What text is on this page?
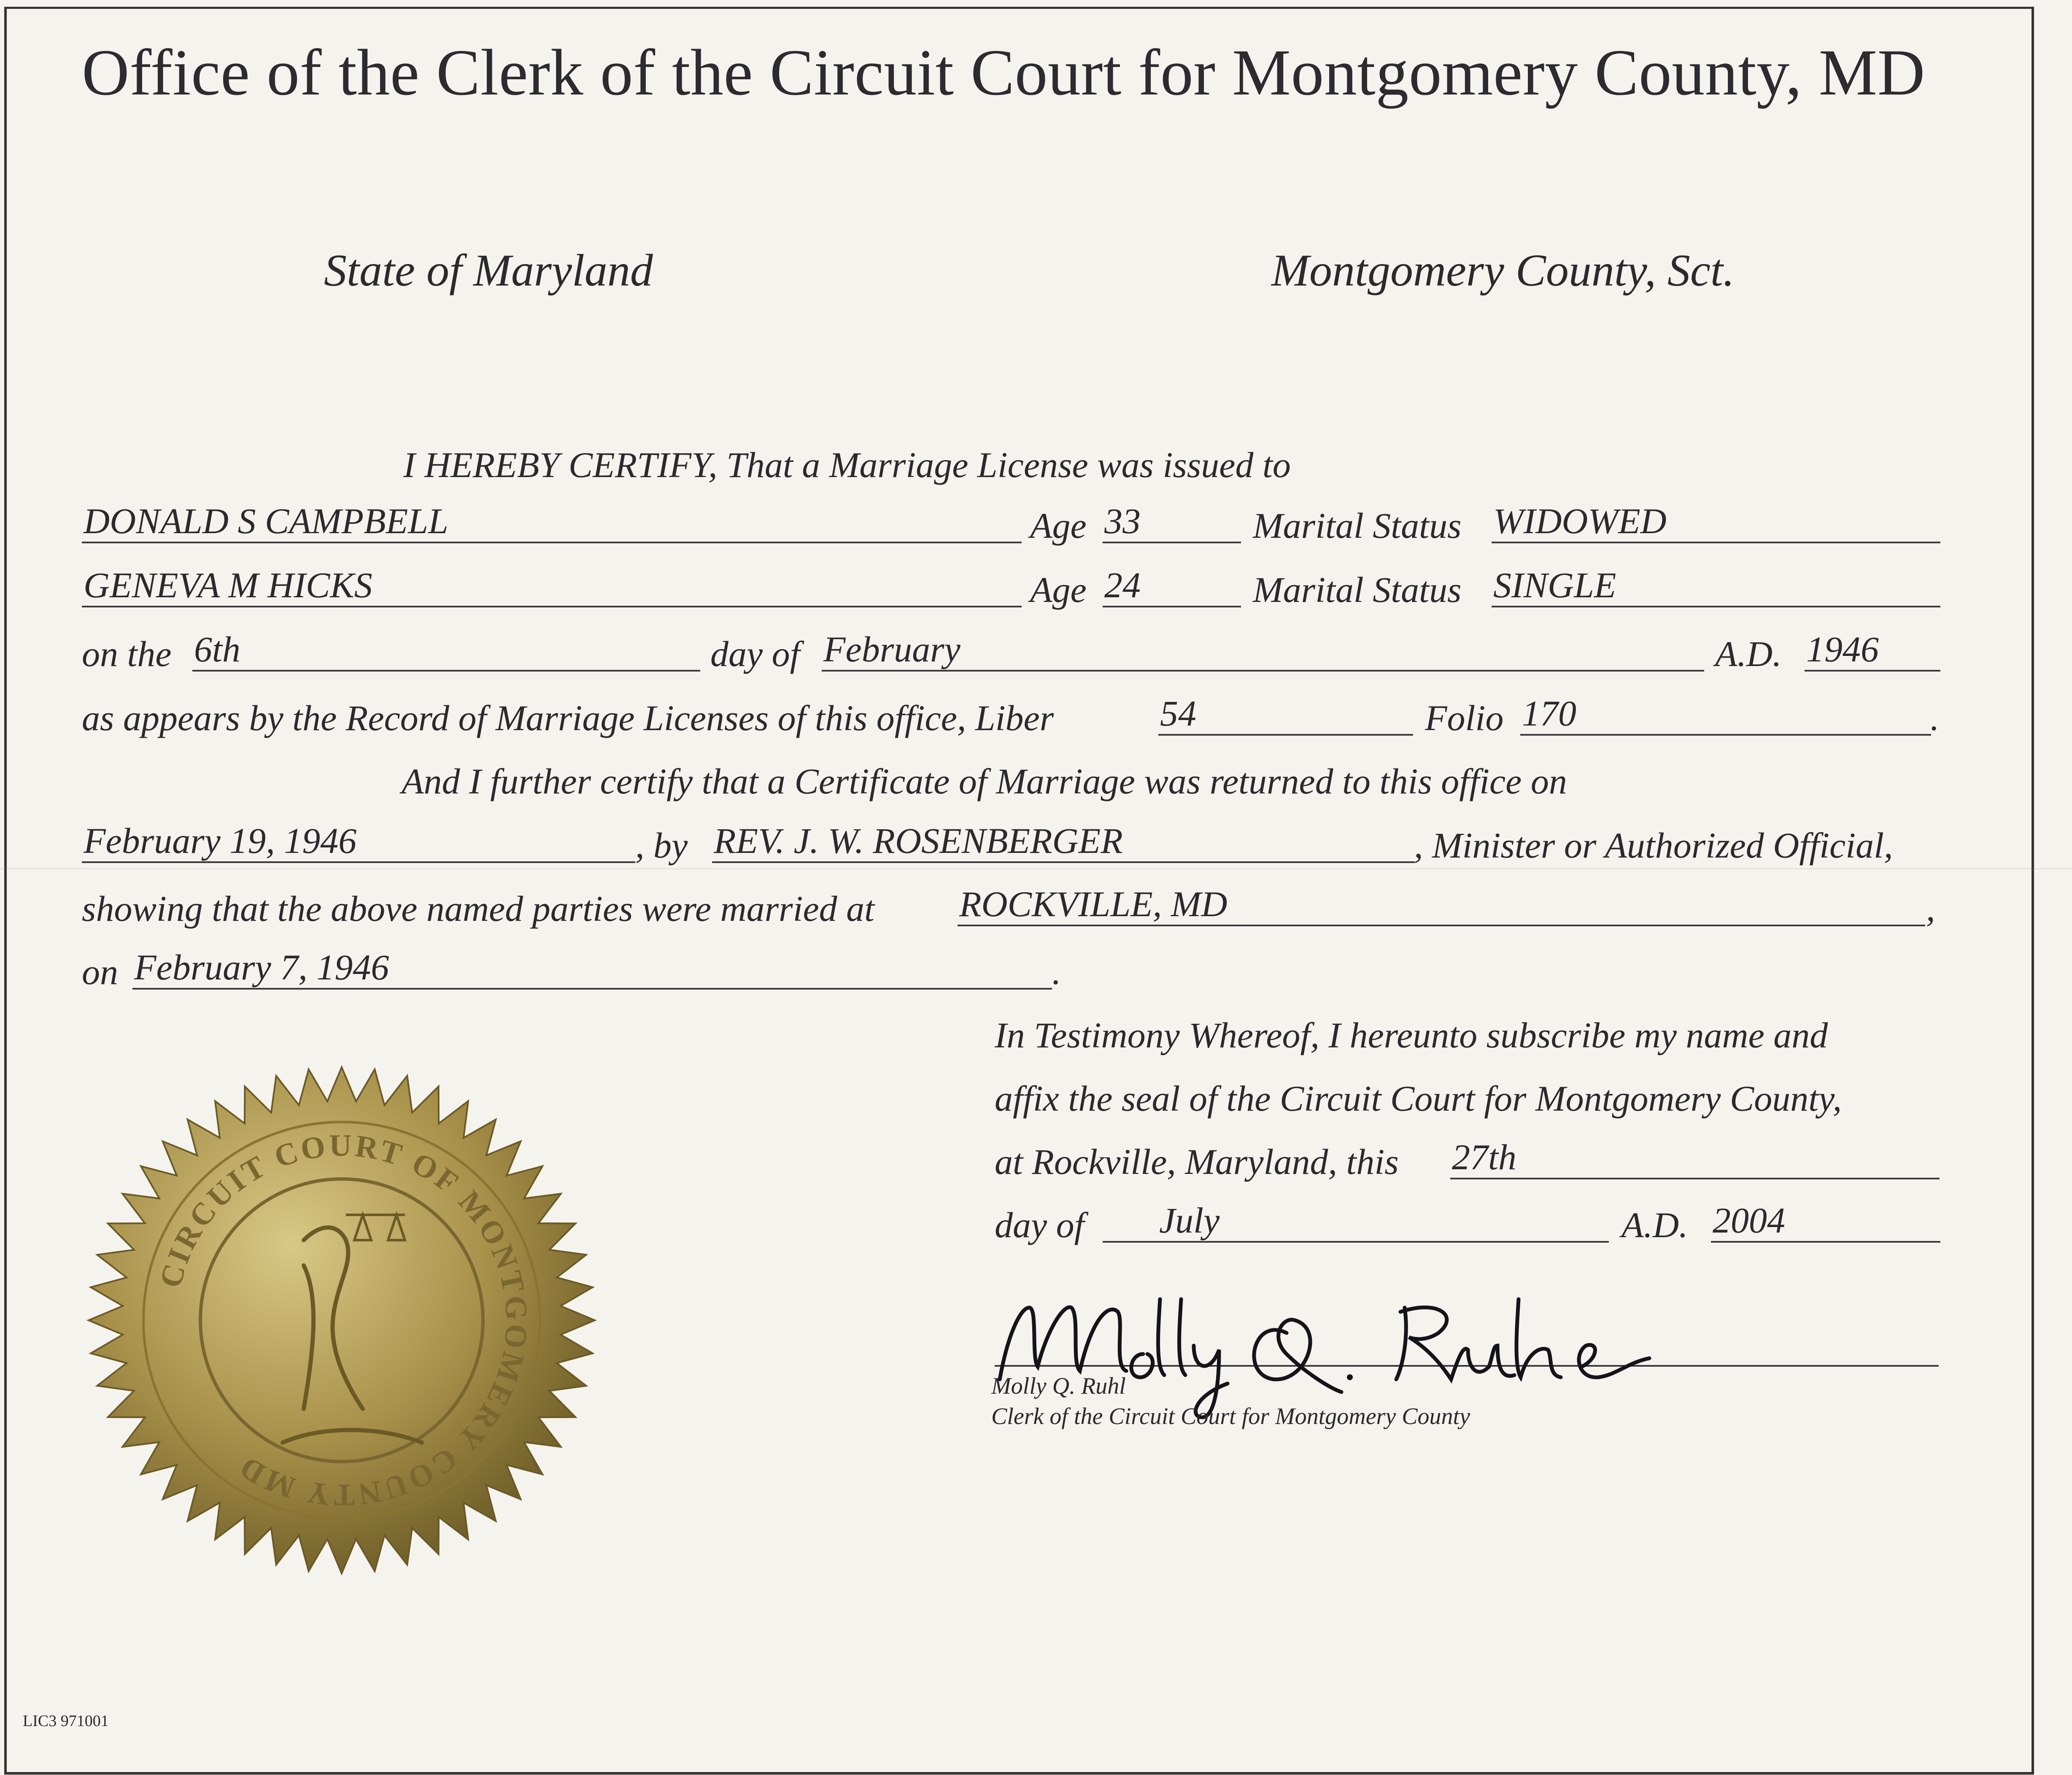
Office of the Clerk of the Circuit Court for Montgomery County, MD
State of Maryland	Montgomery County, Sct.
I HEREBY CERTIFY, That a Marriage License was issued to
DONALD S CAMPBELL	Age 33	Marital Status WIDOWED
GENEVA M HICKS	Age 24	Marital Status SINGLE
on the 6th	day of February	A.D. 1946
as appears by the Record of Marriage Licenses of this office, Liber	54	Folio 170	.
And I further certify that a Certificate of Marriage was returned to this office on
February 19, 1946	, by REV. J. W. ROSENBERGER	, Minister or Authorized Official,
showing that the above named parties were married at ROCKVILLE, MD	,
on February 7, 1946	.
In Testimony Whereof, I hereunto subscribe my name and
affix the seal of the Circuit Court for Montgomery County,
at Rockville, Maryland, this 27th
day of	July	A.D. 2004
Molly Q. Ruhl
Clerk of the Circuit Court for Montgomery County
CIRCUIT COURT OF MONTGOMERY COUNTY MD
LIC3 971001
